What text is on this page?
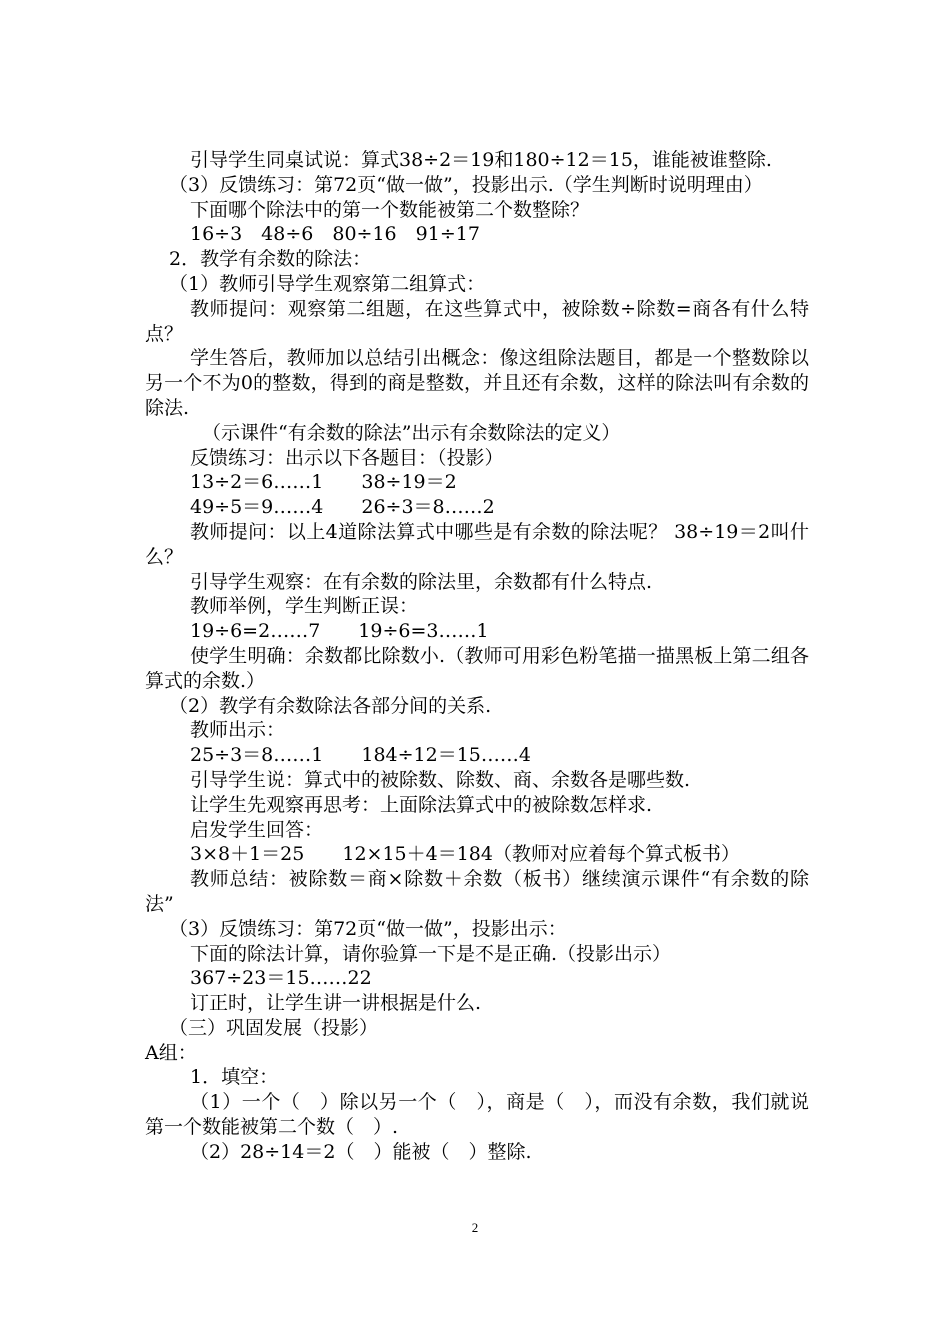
引导学生同桌试说：算式38÷2＝19和180÷12＝15，谁能被谁整除.

（3）反馈练习：第72页“做一做”，投影出示.（学生判断时说明理由）

下面哪个除法中的第一个数能被第二个数整除？

16÷3　48÷6　80÷16　91÷17

2．教学有余数的除法：

（1）教师引导学生观察第二组算式：

教师提问：观察第二组题，在这些算式中，被除数÷除数=商各有什么特点？

学生答后，教师加以总结引出概念：像这组除法题目，都是一个整数除以另一个不为0的整数，得到的商是整数，并且还有余数，这样的除法叫有余数的除法.

（示课件“有余数的除法”出示有余数除法的定义）

反馈练习：出示以下各题目：（投影）

13÷2＝6……1　　38÷19＝2

49÷5＝9……4　　26÷3＝8……2

教师提问：以上4道除法算式中哪些是有余数的除法呢？ 38÷19＝2叫什么？

引导学生观察：在有余数的除法里，余数都有什么特点.

教师举例，学生判断正误：

19÷6=2……7　　19÷6=3……1

使学生明确：余数都比除数小.（教师可用彩色粉笔描一描黑板上第二组各算式的余数.）

（2）教学有余数除法各部分间的关系.

教师出示：

25÷3＝8……1　　184÷12＝15……4

引导学生说：算式中的被除数、除数、商、余数各是哪些数.

让学生先观察再思考：上面除法算式中的被除数怎样求.

启发学生回答：

3×8＋1＝25　　12×15＋4＝184（教师对应着每个算式板书）

教师总结：被除数＝商×除数＋余数（板书）继续演示课件“有余数的除法”

（3）反馈练习：第72页“做一做”，投影出示：

下面的除法计算，请你验算一下是不是正确.（投影出示）

367÷23＝15……22

订正时，让学生讲一讲根据是什么.

（三）巩固发展（投影）

A组：

1．填空：

（1）一个（　）除以另一个（　），商是（　），而没有余数，我们就说第一个数能被第二个数（　）.

（2）28÷14＝2（　）能被（　）整除.

2
